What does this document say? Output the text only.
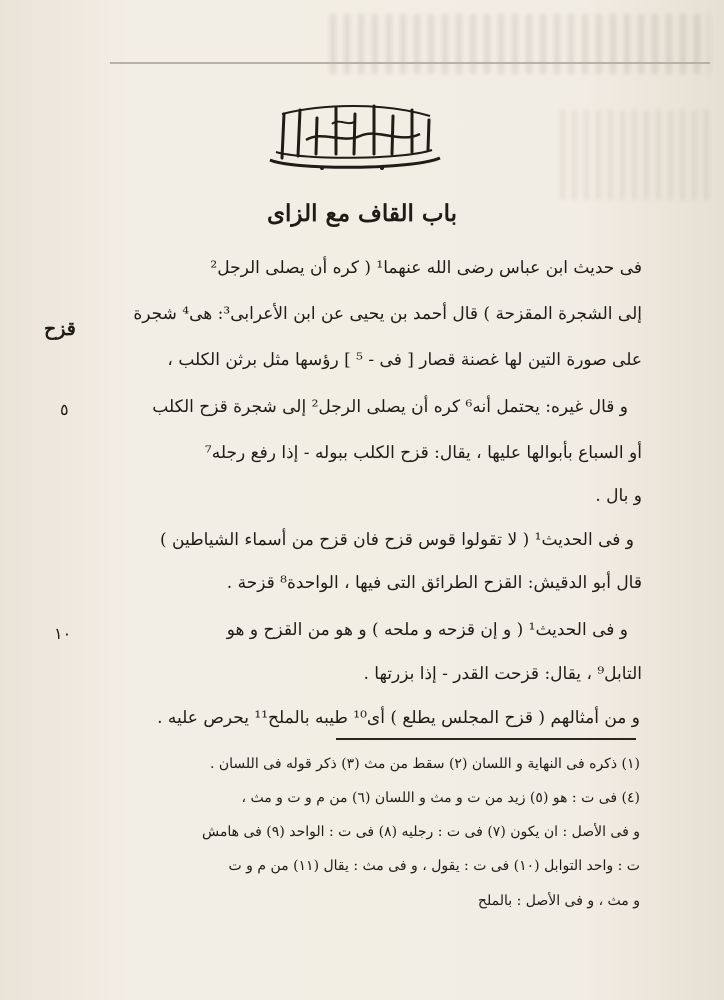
باب القاف مع الزاى
فى حديث ابن عباس رضى الله عنهما¹ ( كره أن يصلى الرجل²
إلى الشجرة المقزحة ) قال أحمد بن يحيى عن ابن الأعرابى³: هى⁴ شجرة
على صورة التين لها غصنة قصار [ فى - ⁵ ] رؤسها مثل برثن الكلب ،
و قال غيره: يحتمل أنه⁶ كره أن يصلى الرجل² إلى شجرة قزح الكلب
أو السباع بأبوالها عليها ، يقال: قزح الكلب ببوله - إذا رفع رجله⁷
و بال .
و فى الحديث¹ ( لا تقولوا قوس قزح فان قزح من أسماء الشياطين )
قال أبو الدقيش: القزح الطرائق التى فيها ، الواحدة⁸ قزحة .
و فى الحديث¹ ( و إن قزحه و ملحه ) و هو من القزح و هو
التابل⁹ ، يقال: قزحت القدر - إذا بزرتها .
و من أمثالهم ( قزح المجلس يطلع ) أى¹⁰ طيبه بالملح¹¹ يحرص عليه .
قزح
٥
١٠
(١) ذكره فى النهاية و اللسان (٢) سقط من مث (٣) ذكر قوله فى اللسان .
(٤) فى ت : هو (٥) زيد من ت و مث و اللسان (٦) من م و ت و مث ،
و فى الأصل : ان يكون (٧) فى ت : رجليه (٨) فى ت : الواحد (٩) فى هامش
ت : واحد التوابل (١٠) فى ت : يقول ، و فى مث : يقال (١١) من م و ت
و مث ، و فى الأصل : بالملح
